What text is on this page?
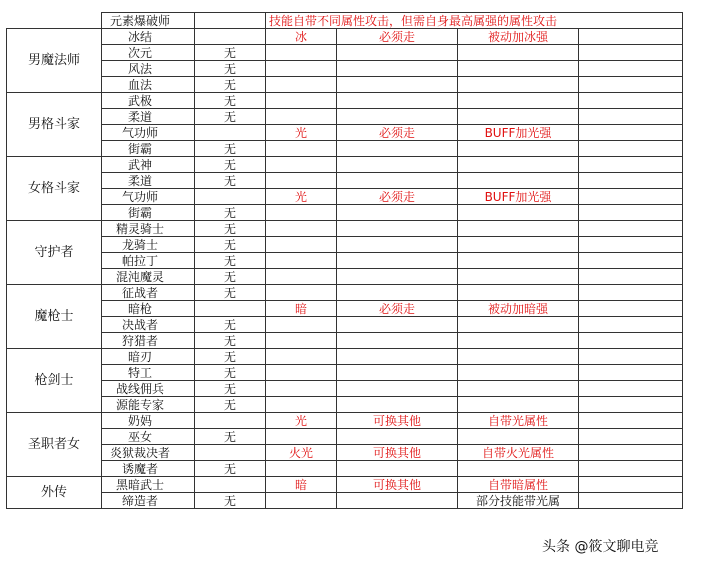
	元素爆破师		技能自带不同属性攻击，但需自身最高属强的属性攻击			
男魔法师	冰结		冰	必须走	被动加冰强	
	次元	无				
	风法	无				
	血法	无				
男格斗家	武极	无				
	柔道	无				
	气功师		光	必须走	BUFF加光强	
	街霸	无				
女格斗家	武神	无				
	柔道	无				
	气功师		光	必须走	BUFF加光强	
	街霸	无				
守护者	精灵骑士	无				
	龙骑士	无				
	帕拉丁	无				
	混沌魔灵	无				
魔枪士	征战者	无				
	暗枪		暗	必须走	被动加暗强	
	决战者	无				
	狩猎者	无				
枪剑士	暗刃	无				
	特工	无				
	战线佣兵	无				
	源能专家	无				
圣职者女	奶妈		光	可换其他	自带光属性	
	巫女	无				
	炎狱裁决者		火光	可换其他	自带火光属性	
	诱魔者	无				
外传	黑暗武士		暗	可换其他	自带暗属性	
	缔造者	无			部分技能带光属	
头条 @筱文聊电竞
